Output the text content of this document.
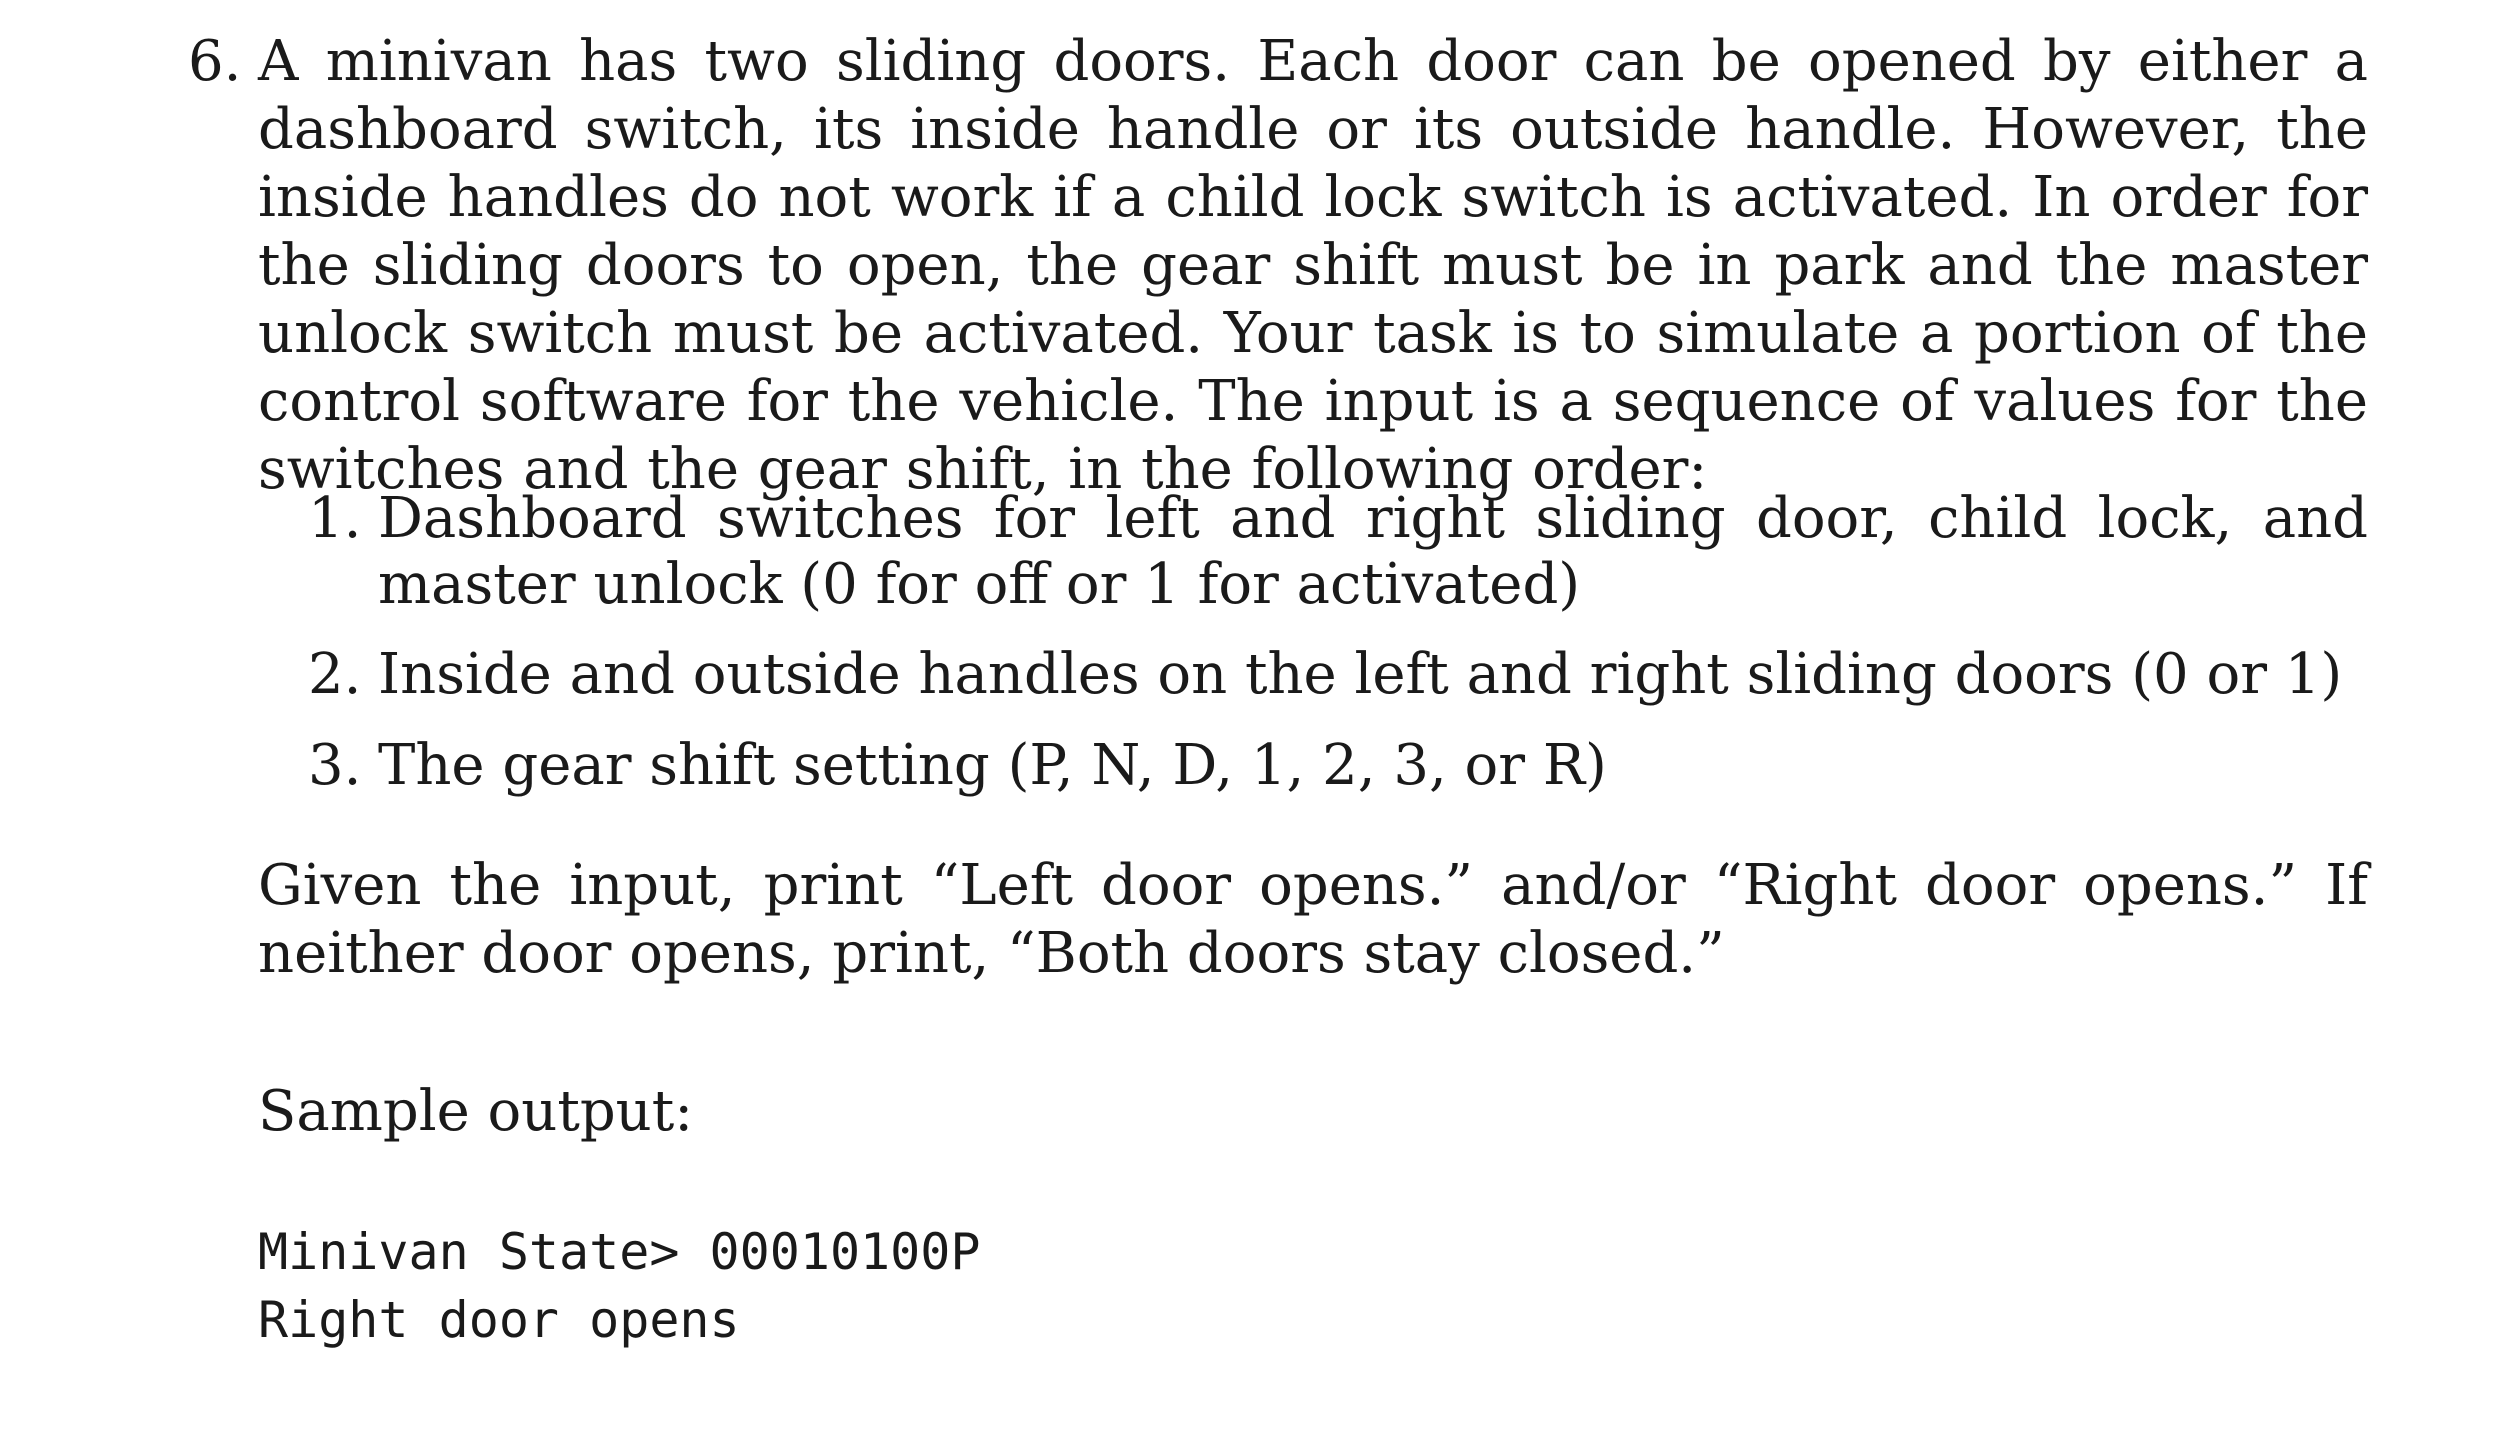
6. A minivan has two sliding doors. Each door can be opened by either a dashboard switch, its inside handle or its outside handle. However, the inside handles do not work if a child lock switch is activated. In order for the sliding doors to open, the gear shift must be in park and the master unlock switch must be activated. Your task is to simulate a portion of the control software for the vehicle. The input is a sequence of values for the switches and the gear shift, in the following order:
1. Dashboard switches for left and right sliding door, child lock, and master unlock (0 for off or 1 for activated)
2. Inside and outside handles on the left and right sliding doors (0 or 1)
3. The gear shift setting (P, N, D, 1, 2, 3, or R)
Given the input, print “Left door opens.” and/or “Right door opens.” If neither door opens, print, “Both doors stay closed.”
Sample output:
Minivan State> 00010100P
Right door opens
